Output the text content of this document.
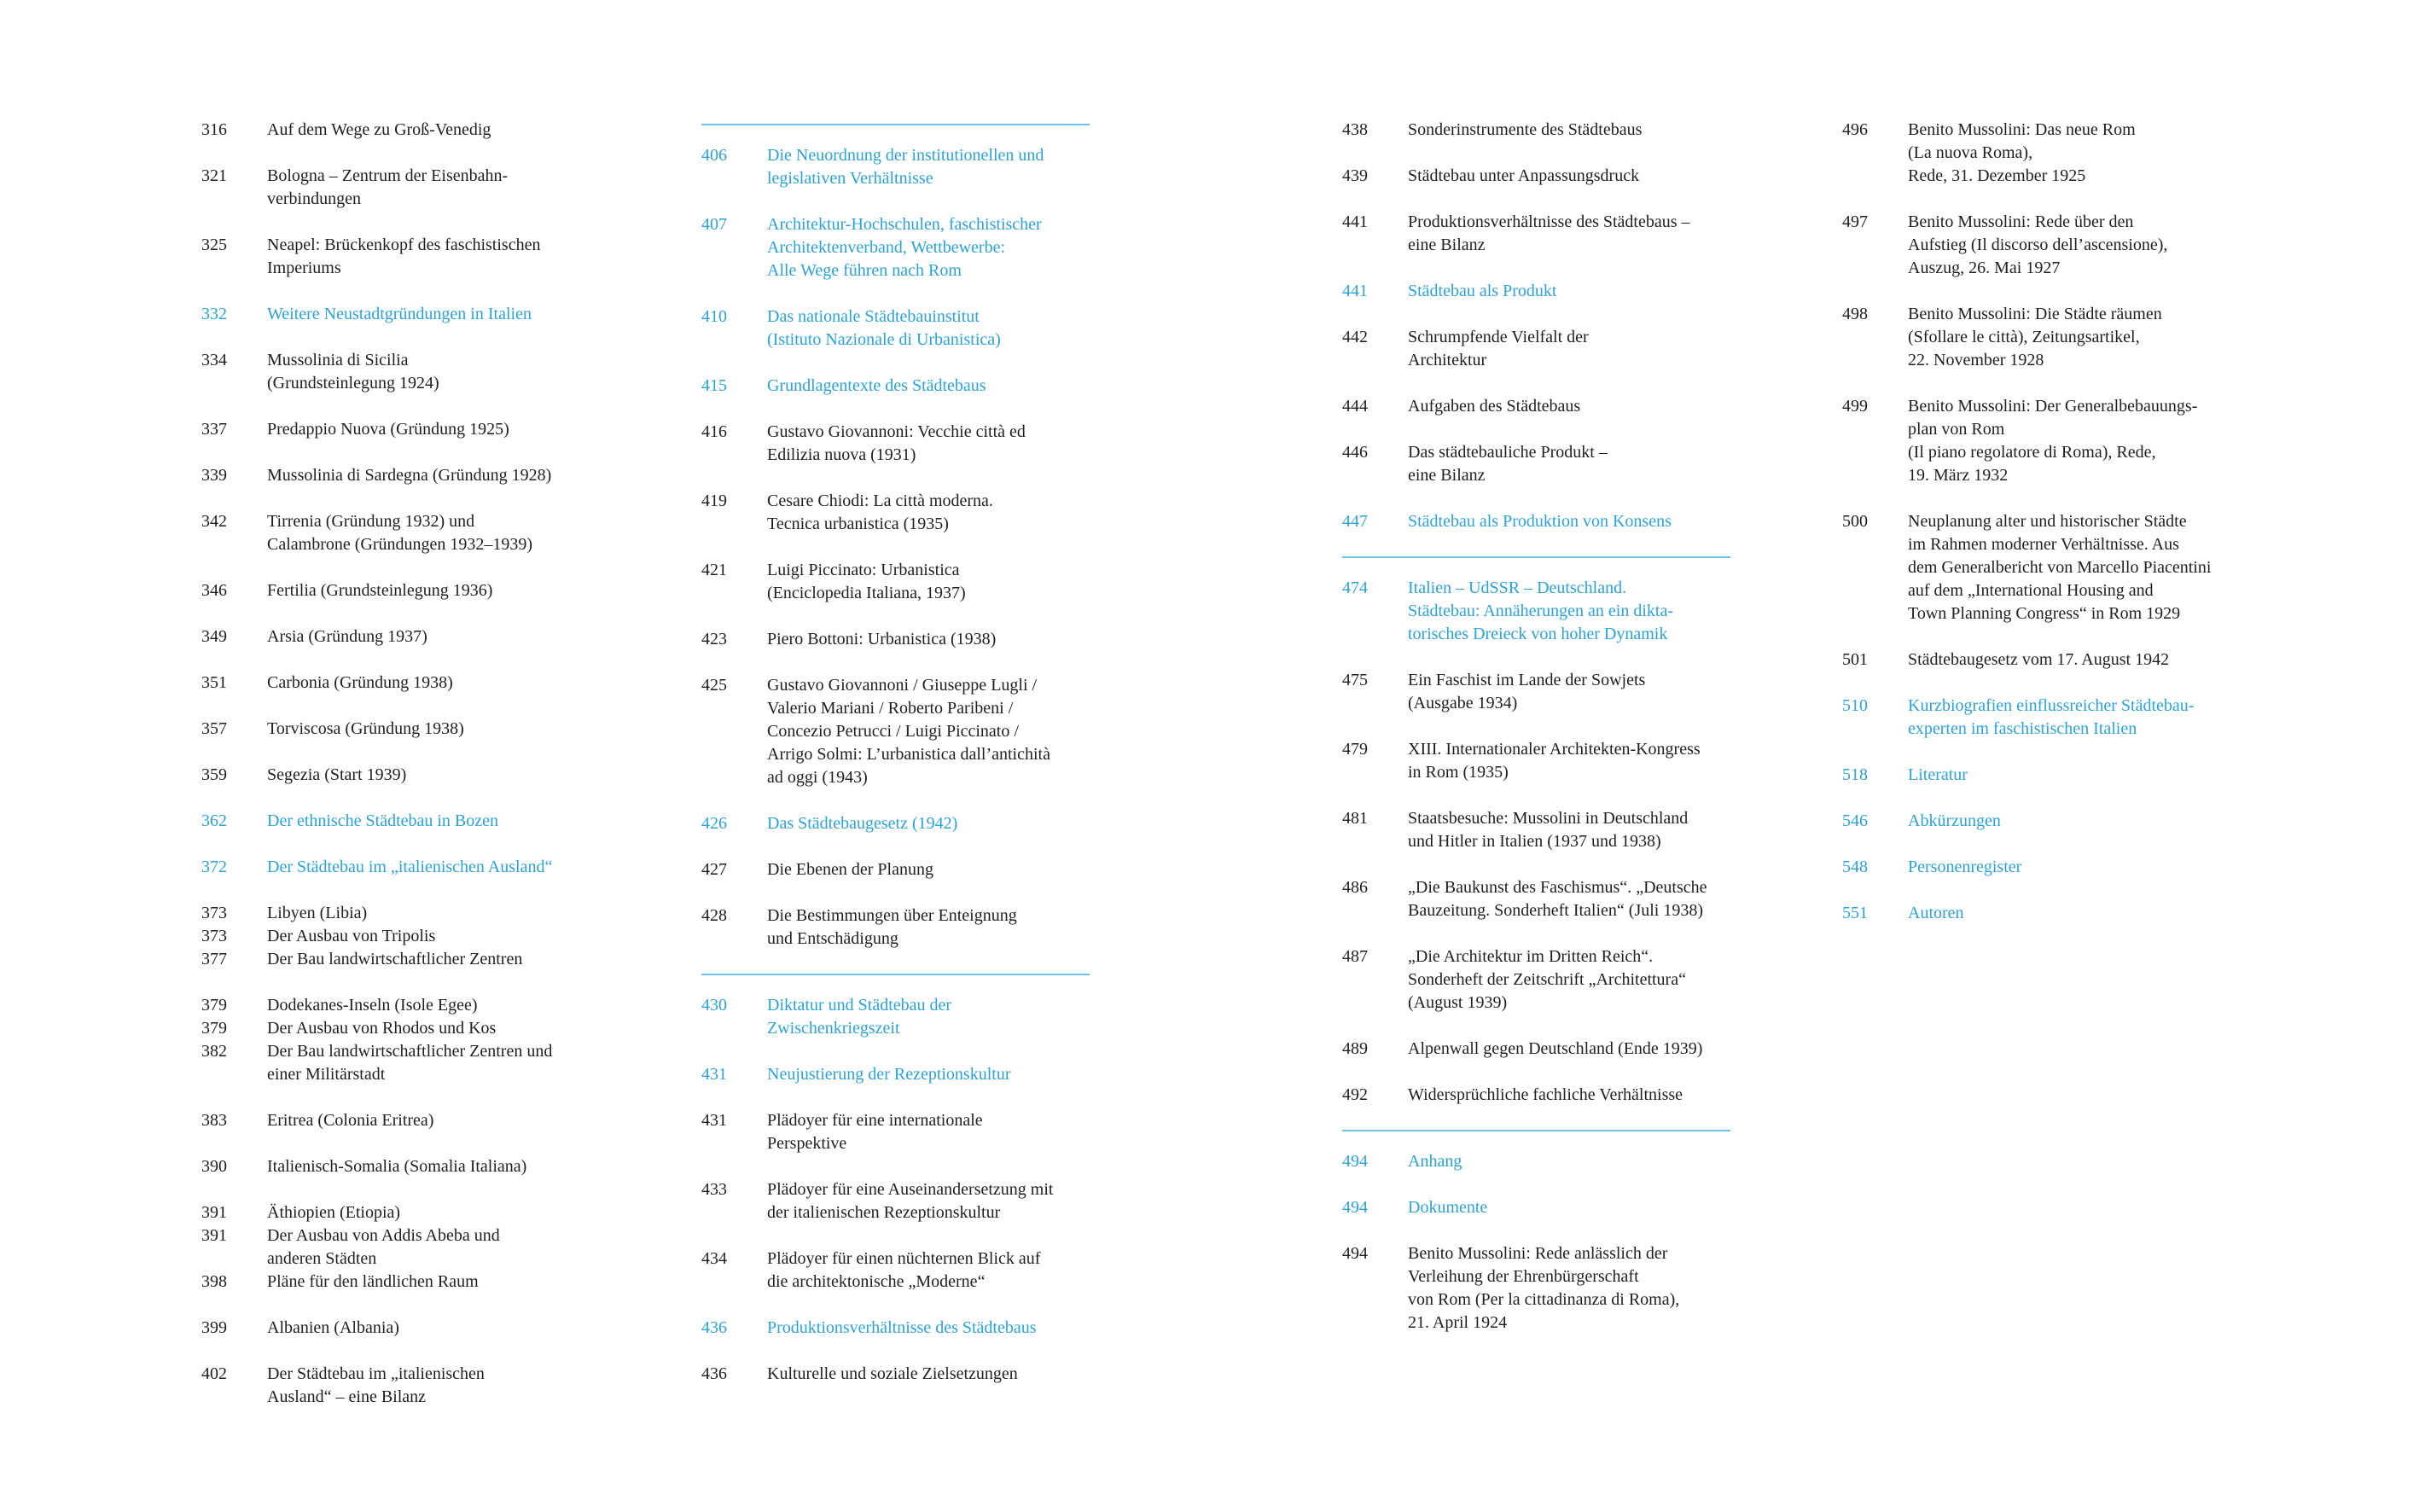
316	Auf dem Wege zu Groß-Venedig
321	Bologna – Zentrum der Eisenbahn-
verbindungen
325	Neapel: Brückenkopf des faschistischen
Imperiums
332	Weitere Neustadtgründungen in Italien
334	Mussolinia di Sicilia
(Grundsteinlegung 1924)
337	Predappio Nuova (Gründung 1925)
339	Mussolinia di Sardegna (Gründung 1928)
342	Tirrenia (Gründung 1932) und
Calambrone (Gründungen 1932–1939)
346	Fertilia (Grundsteinlegung 1936)
349	Arsia (Gründung 1937)
351	Carbonia (Gründung 1938)
357	Torviscosa (Gründung 1938)
359	Segezia (Start 1939)
362	Der ethnische Städtebau in Bozen
372	Der Städtebau im „italienischen Ausland“
373	Libyen (Libia)
373	Der Ausbau von Tripolis
377	Der Bau landwirtschaftlicher Zentren
379	Dodekanes-Inseln (Isole Egee)
379	Der Ausbau von Rhodos und Kos
382	Der Bau landwirtschaftlicher Zentren und
einer Militärstadt
383	Eritrea (Colonia Eritrea)
390	Italienisch-Somalia (Somalia Italiana)
391	Äthiopien (Etiopia)
391	Der Ausbau von Addis Abeba und
anderen Städten
398	Pläne für den ländlichen Raum
399	Albanien (Albania)
402	Der Städtebau im „italienischen
Ausland“ – eine Bilanz
406	Die Neuordnung der institutionellen und
legislativen Verhältnisse
407	Architektur-Hochschulen, faschistischer
Architektenverband, Wettbewerbe:
Alle Wege führen nach Rom
410	Das nationale Städtebauinstitut
(Istituto Nazionale di Urbanistica)
415	Grundlagentexte des Städtebaus
416	Gustavo Giovannoni: Vecchie città ed
Edilizia nuova (1931)
419	Cesare Chiodi: La città moderna.
Tecnica urbanistica (1935)
421	Luigi Piccinato: Urbanistica
(Enciclopedia Italiana, 1937)
423	Piero Bottoni: Urbanistica (1938)
425	Gustavo Giovannoni / Giuseppe Lugli /
Valerio Mariani / Roberto Paribeni /
Concezio Petrucci / Luigi Piccinato /
Arrigo Solmi: L’urbanistica dall’antichità
ad oggi (1943)
426	Das Städtebaugesetz (1942)
427	Die Ebenen der Planung
428	Die Bestimmungen über Enteignung
und Entschädigung
430	Diktatur und Städtebau der
Zwischenkriegszeit
431	Neujustierung der Rezeptionskultur
431	Plädoyer für eine internationale
Perspektive
433	Plädoyer für eine Auseinandersetzung mit
der italienischen Rezeptionskultur
434	Plädoyer für einen nüchternen Blick auf
die architektonische „Moderne“
436	Produktionsverhältnisse des Städtebaus
436	Kulturelle und soziale Zielsetzungen
438	Sonderinstrumente des Städtebaus
439	Städtebau unter Anpassungsdruck
441	Produktionsverhältnisse des Städtebaus –
eine Bilanz
441	Städtebau als Produkt
442	Schrumpfende Vielfalt der
Architektur
444	Aufgaben des Städtebaus
446	Das städtebauliche Produkt –
eine Bilanz
447	Städtebau als Produktion von Konsens
474	Italien – UdSSR – Deutschland.
Städtebau: Annäherungen an ein dikta-
torisches Dreieck von hoher Dynamik
475	Ein Faschist im Lande der Sowjets
(Ausgabe 1934)
479	XIII. Internationaler Architekten-Kongress
in Rom (1935)
481	Staatsbesuche: Mussolini in Deutschland
und Hitler in Italien (1937 und 1938)
486	„Die Baukunst des Faschismus“. „Deutsche
Bauzeitung. Sonderheft Italien“ (Juli 1938)
487	„Die Architektur im Dritten Reich“.
Sonderheft der Zeitschrift „Architettura“
(August 1939)
489	Alpenwall gegen Deutschland (Ende 1939)
492	Widersprüchliche fachliche Verhältnisse
494	Anhang
494	Dokumente
494	Benito Mussolini: Rede anlässlich der
Verleihung der Ehrenbürgerschaft
von Rom (Per la cittadinanza di Roma),
21. April 1924
496	Benito Mussolini: Das neue Rom
(La nuova Roma),
Rede, 31. Dezember 1925
497	Benito Mussolini: Rede über den
Aufstieg (Il discorso dell’ascensione),
Auszug, 26. Mai 1927
498	Benito Mussolini: Die Städte räumen
(Sfollare le città), Zeitungsartikel,
22. November 1928
499	Benito Mussolini: Der Generalbebauungs-
plan von Rom
(Il piano regolatore di Roma), Rede,
19. März 1932
500	Neuplanung alter und historischer Städte
im Rahmen moderner Verhältnisse. Aus
dem Generalbericht von Marcello Piacentini
auf dem „International Housing and
Town Planning Congress“ in Rom 1929
501	Städtebaugesetz vom 17. August 1942
510	Kurzbiografien einflussreicher Städtebau-
experten im faschistischen Italien
518	Literatur
546	Abkürzungen
548	Personenregister
551	Autoren
